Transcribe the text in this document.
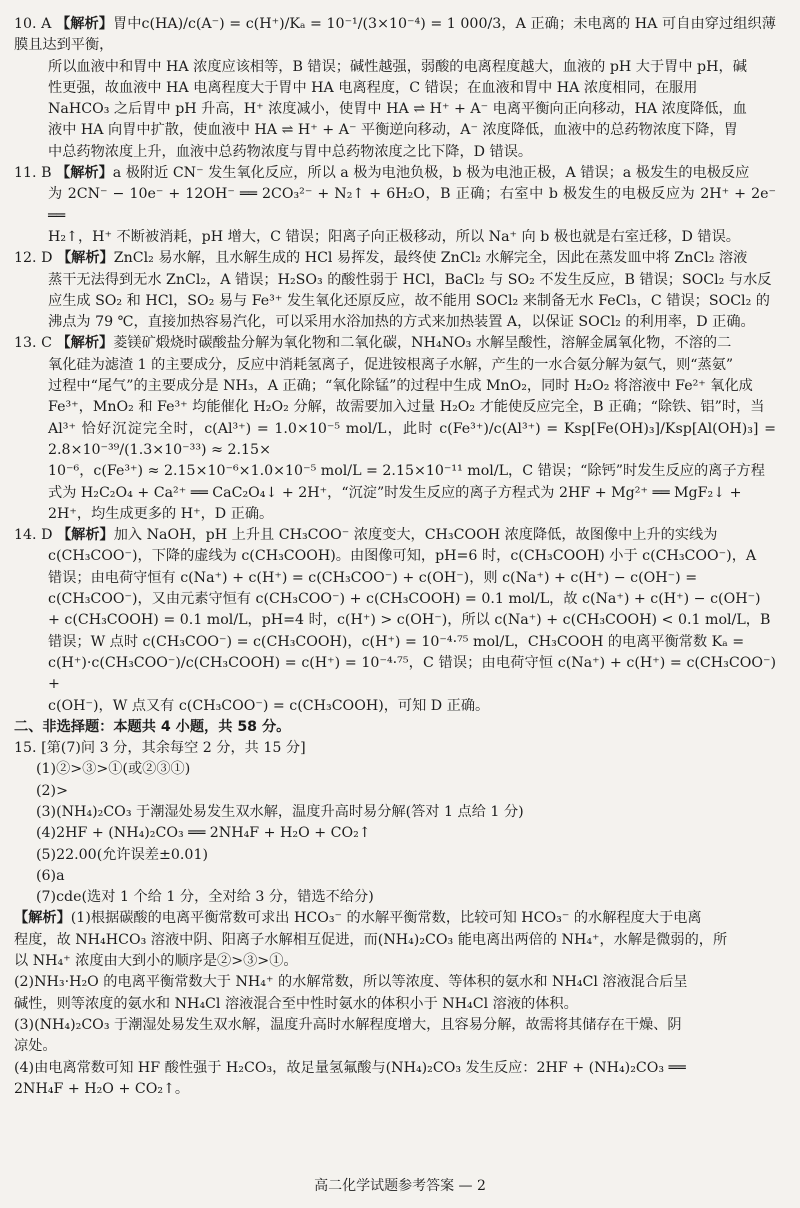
10. A 【解析】胃中c(HA)/c(A⁻) = c(H⁺)/Kₐ = 10⁻¹/(3×10⁻⁴) = 1 000/3，A 正确；未电离的 HA 可自由穿过组织薄膜且达到平衡，

所以血液中和胃中 HA 浓度应该相等，B 错误；碱性越强，弱酸的电离程度越大，血液的 pH 大于胃中 pH，碱

性更强，故血液中 HA 电离程度大于胃中 HA 电离程度，C 错误；在血液和胃中 HA 浓度相同，在服用

NaHCO₃ 之后胃中 pH 升高，H⁺ 浓度减小，使胃中 HA ⇌ H⁺ + A⁻ 电离平衡向正向移动，HA 浓度降低，血

液中 HA 向胃中扩散，使血液中 HA ⇌ H⁺ + A⁻ 平衡逆向移动，A⁻ 浓度降低，血液中的总药物浓度下降，胃

中总药物浓度上升，血液中总药物浓度与胃中总药物浓度之比下降，D 错误。

11. B 【解析】a 极附近 CN⁻ 发生氧化反应，所以 a 极为电池负极，b 极为电池正极，A 错误；a 极发生的电极反应

为 2CN⁻ − 10e⁻ + 12OH⁻ ══ 2CO₃²⁻ + N₂↑ + 6H₂O，B 正确；右室中 b 极发生的电极反应为 2H⁺ + 2e⁻ ══

H₂↑，H⁺ 不断被消耗，pH 增大，C 错误；阳离子向正极移动，所以 Na⁺ 向 b 极也就是右室迁移，D 错误。

12. D 【解析】ZnCl₂ 易水解，且水解生成的 HCl 易挥发，最终使 ZnCl₂ 水解完全，因此在蒸发皿中将 ZnCl₂ 溶液

蒸干无法得到无水 ZnCl₂，A 错误；H₂SO₃ 的酸性弱于 HCl，BaCl₂ 与 SO₂ 不发生反应，B 错误；SOCl₂ 与水反

应生成 SO₂ 和 HCl，SO₂ 易与 Fe³⁺ 发生氧化还原反应，故不能用 SOCl₂ 来制备无水 FeCl₃，C 错误；SOCl₂ 的

沸点为 79 ℃，直接加热容易汽化，可以采用水浴加热的方式来加热装置 A，以保证 SOCl₂ 的利用率，D 正确。

13. C 【解析】菱镁矿煅烧时碳酸盐分解为氧化物和二氧化碳，NH₄NO₃ 水解呈酸性，溶解金属氧化物，不溶的二

氧化硅为滤渣 1 的主要成分，反应中消耗氢离子，促进铵根离子水解，产生的一水合氨分解为氨气，则“蒸氨”

过程中“尾气”的主要成分是 NH₃，A 正确；“氧化除锰”的过程中生成 MnO₂，同时 H₂O₂ 将溶液中 Fe²⁺ 氧化成

Fe³⁺，MnO₂ 和 Fe³⁺ 均能催化 H₂O₂ 分解，故需要加入过量 H₂O₂ 才能使反应完全，B 正确；“除铁、铝”时，当

Al³⁺ 恰好沉淀完全时，c(Al³⁺) = 1.0×10⁻⁵ mol/L，此时 c(Fe³⁺)/c(Al³⁺) = Ksp[Fe(OH)₃]/Ksp[Al(OH)₃] = 2.8×10⁻³⁹/(1.3×10⁻³³) ≈ 2.15×

10⁻⁶，c(Fe³⁺) ≈ 2.15×10⁻⁶×1.0×10⁻⁵ mol/L = 2.15×10⁻¹¹ mol/L，C 错误；“除钙”时发生反应的离子方程

式为 H₂C₂O₄ + Ca²⁺ ══ CaC₂O₄↓ + 2H⁺，“沉淀”时发生反应的离子方程式为 2HF + Mg²⁺ ══ MgF₂↓ +

2H⁺，均生成更多的 H⁺，D 正确。

14. D 【解析】加入 NaOH，pH 上升且 CH₃COO⁻ 浓度变大，CH₃COOH 浓度降低，故图像中上升的实线为

c(CH₃COO⁻)，下降的虚线为 c(CH₃COOH)。由图像可知，pH=6 时，c(CH₃COOH) 小于 c(CH₃COO⁻)，A

错误；由电荷守恒有 c(Na⁺) + c(H⁺) = c(CH₃COO⁻) + c(OH⁻)，则 c(Na⁺) + c(H⁺) − c(OH⁻) =

c(CH₃COO⁻)，又由元素守恒有 c(CH₃COO⁻) + c(CH₃COOH) = 0.1 mol/L，故 c(Na⁺) + c(H⁺) − c(OH⁻)

+ c(CH₃COOH) = 0.1 mol/L，pH=4 时，c(H⁺) > c(OH⁻)，所以 c(Na⁺) + c(CH₃COOH) < 0.1 mol/L，B

错误；W 点时 c(CH₃COO⁻) = c(CH₃COOH)，c(H⁺) = 10⁻⁴·⁷⁵ mol/L，CH₃COOH 的电离平衡常数 Kₐ =

c(H⁺)·c(CH₃COO⁻)/c(CH₃COOH) = c(H⁺) = 10⁻⁴·⁷⁵，C 错误；由电荷守恒 c(Na⁺) + c(H⁺) = c(CH₃COO⁻) +

c(OH⁻)，W 点又有 c(CH₃COO⁻) = c(CH₃COOH)，可知 D 正确。

二、非选择题：本题共 4 小题，共 58 分。

15. [第(7)问 3 分，其余每空 2 分，共 15 分]

(1)②>③>①(或②③①)

(2)>

(3)(NH₄)₂CO₃ 于潮湿处易发生双水解，温度升高时易分解(答对 1 点给 1 分)

(4)2HF + (NH₄)₂CO₃ ══ 2NH₄F + H₂O + CO₂↑

(5)22.00(允许误差±0.01)

(6)a

(7)cde(选对 1 个给 1 分，全对给 3 分，错选不给分)

【解析】(1)根据碳酸的电离平衡常数可求出 HCO₃⁻ 的水解平衡常数，比较可知 HCO₃⁻ 的水解程度大于电离

程度，故 NH₄HCO₃ 溶液中阴、阳离子水解相互促进，而(NH₄)₂CO₃ 能电离出两倍的 NH₄⁺，水解是微弱的，所

以 NH₄⁺ 浓度由大到小的顺序是②>③>①。

(2)NH₃·H₂O 的电离平衡常数大于 NH₄⁺ 的水解常数，所以等浓度、等体积的氨水和 NH₄Cl 溶液混合后呈

碱性，则等浓度的氨水和 NH₄Cl 溶液混合至中性时氨水的体积小于 NH₄Cl 溶液的体积。

(3)(NH₄)₂CO₃ 于潮湿处易发生双水解，温度升高时水解程度增大，且容易分解，故需将其储存在干燥、阴

凉处。

(4)由电离常数可知 HF 酸性强于 H₂CO₃，故足量氢氟酸与(NH₄)₂CO₃ 发生反应：2HF + (NH₄)₂CO₃ ══

2NH₄F + H₂O + CO₂↑。

高二化学试题参考答案 — 2
